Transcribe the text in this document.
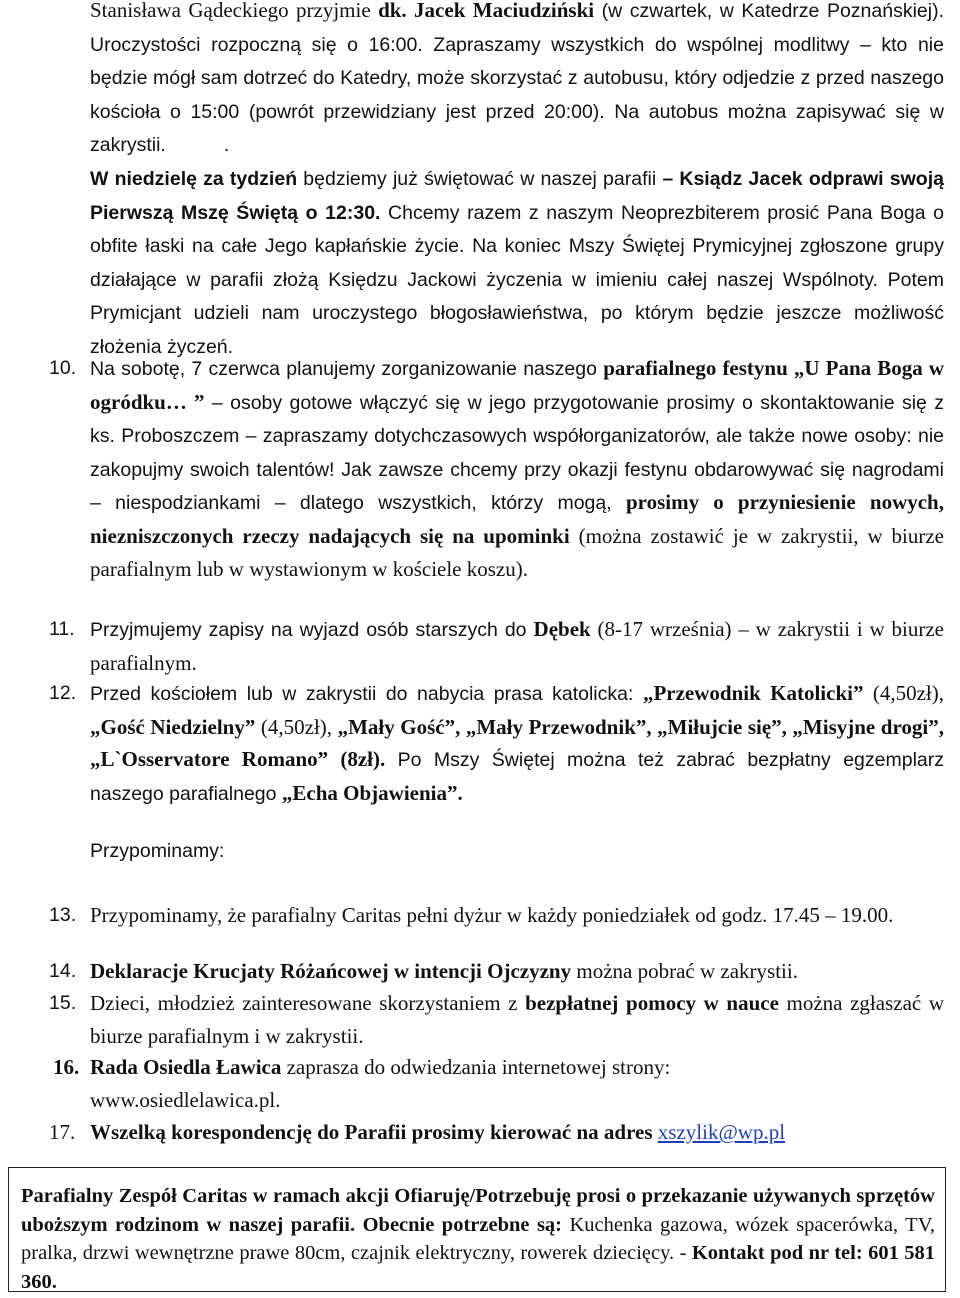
Stanisława Gądeckiego przyjmie dk. Jacek Maciudziński (w czwartek, w Katedrze Poznańskiej). Uroczystości rozpoczną się o 16:00. Zapraszamy wszystkich do wspólnej modlitwy – kto nie będzie mógł sam dotrzeć do Katedry, może skorzystać z autobusu, który odjedzie z przed naszego kościoła o 15:00 (powrót przewidziany jest przed 20:00). Na autobus można zapisywać się w zakrystii.	.
W niedzielę za tydzień będziemy już świętować w naszej parafii – Ksiądz Jacek odprawi swoją Pierwszą Mszę Świętą o 12:30. Chcemy razem z naszym Neoprezbiterem prosić Pana Boga o obfite łaski na całe Jego kapłańskie życie. Na koniec Mszy Świętej Prymicyjnej zgłoszone grupy działające w parafii złożą Księdzu Jackowi życzenia w imieniu całej naszej Wspólnoty. Potem Prymicjant udzieli nam uroczystego błogosławieństwa, po którym będzie jeszcze możliwość złożenia życzeń.
10. Na sobotę, 7 czerwca planujemy zorganizowanie naszego parafialnego festynu „U Pana Boga w ogródku… ” – osoby gotowe włączyć się w jego przygotowanie prosimy o skontaktowanie się z ks. Proboszczem – zapraszamy dotychczasowych współorganizatorów, ale także nowe osoby: nie zakopujmy swoich talentów! Jak zawsze chcemy przy okazji festynu obdarowywać się nagrodami – niespodziankami – dlatego wszystkich, którzy mogą, prosimy o przyniesienie nowych, niezniszczonych rzeczy nadających się na upominki (można zostawić je w zakrystii, w biurze parafialnym lub w wystawionym w kościele koszu).
11. Przyjmujemy zapisy na wyjazd osób starszych do Dębek (8-17 września) – w zakrystii i w biurze parafialnym.
12. Przed kościołem lub w zakrystii do nabycia prasa katolicka: „Przewodnik Katolicki” (4,50zł), „Gość Niedzielny” (4,50zł), „Mały Gość”, „Mały Przewodnik”, „Miłujcie się”, „Misyjne drogi”, „L`Osservatore Romano” (8zł). Po Mszy Świętej można też zabrać bezpłatny egzemplarz naszego parafialnego „Echa Objawienia”.
Przypominamy:
13. Przypominamy, że parafialny Caritas pełni dyżur w każdy poniedziałek od godz. 17.45 – 19.00.
14. Deklaracje Krucjaty Różańcowej w intencji Ojczyzny można pobrać w zakrystii.
15. Dzieci, młodzież zainteresowane skorzystaniem z bezpłatnej pomocy w nauce można zgłaszać w biurze parafialnym i w zakrystii.
16. Rada Osiedla Ławica zaprasza do odwiedzania internetowej strony: www.osiedlelawica.pl.
17. Wszelką korespondencję do Parafii prosimy kierować na adres xszylik@wp.pl

Parafialny Zespół Caritas w ramach akcji Ofiaruję/Potrzebuję prosi o przekazanie używanych sprzętów uboższym rodzinom w naszej parafii. Obecnie potrzebne są: Kuchenka gazowa, wózek spacerówka, TV, pralka, drzwi wewnętrzne prawe 80cm, czajnik elektryczny, rowerek dziecięcy. - Kontakt pod nr tel: 601 581 360.
